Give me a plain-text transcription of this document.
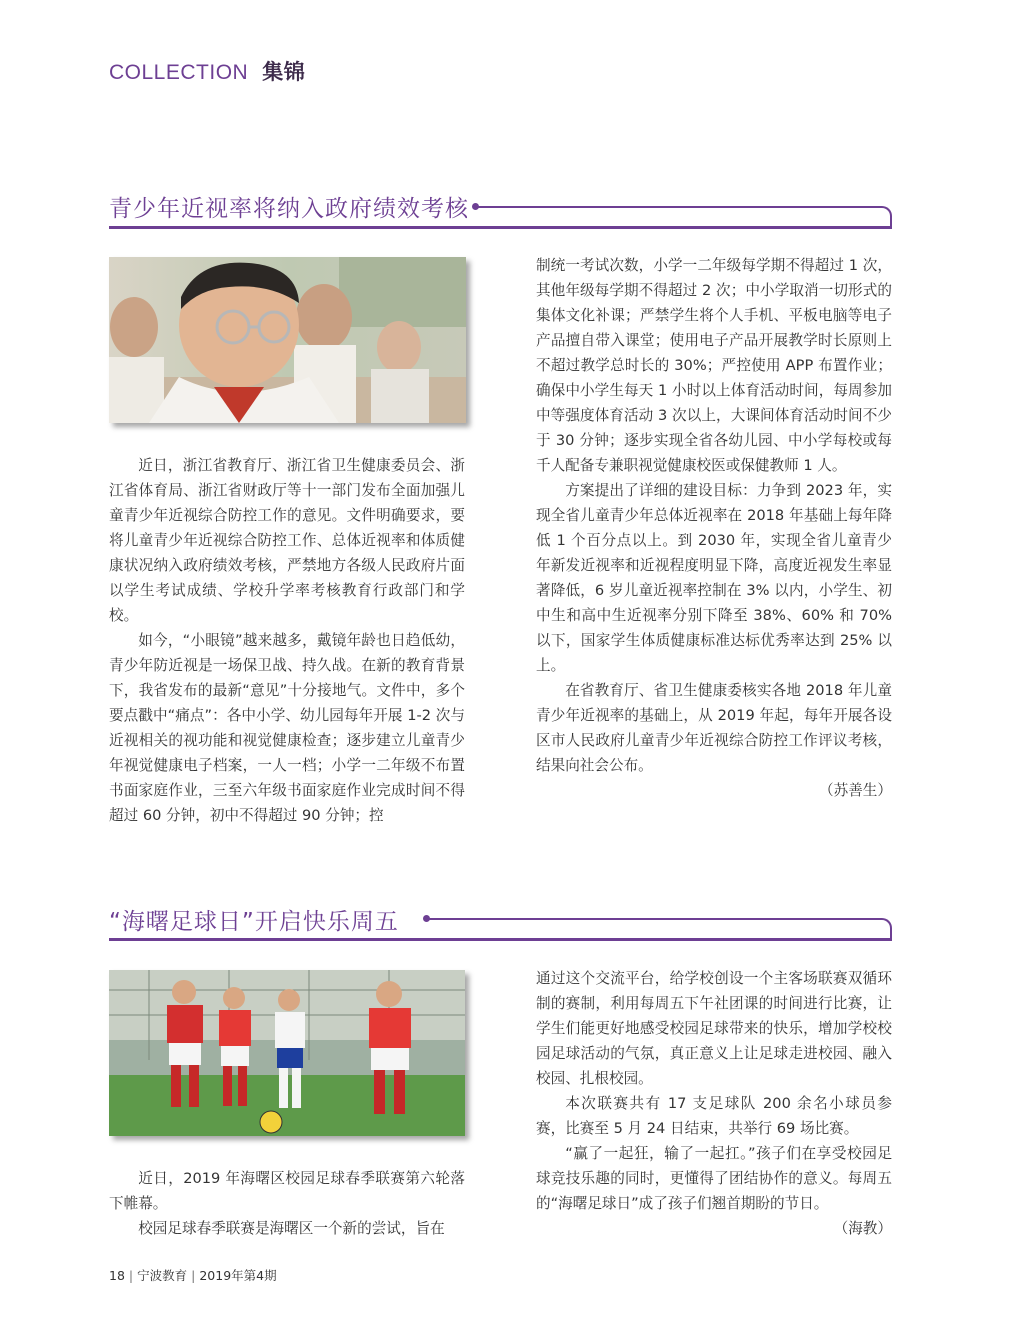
COLLECTION 集锦
青少年近视率将纳入政府绩效考核

近日，浙江省教育厅、浙江省卫生健康委员会、浙江省体育局、浙江省财政厅等十一部门发布全面加强儿童青少年近视综合防控工作的意见。文件明确要求，要将儿童青少年近视综合防控工作、总体近视率和体质健康状况纳入政府绩效考核，严禁地方各级人民政府片面以学生考试成绩、学校升学率考核教育行政部门和学校。

如今，“小眼镜”越来越多，戴镜年龄也日趋低幼，青少年防近视是一场保卫战、持久战。在新的教育背景下，我省发布的最新“意见”十分接地气。文件中，多个要点戳中“痛点”：各中小学、幼儿园每年开展 1-2 次与近视相关的视功能和视觉健康检查；逐步建立儿童青少年视觉健康电子档案，一人一档；小学一二年级不布置书面家庭作业，三至六年级书面家庭作业完成时间不得超过 60 分钟，初中不得超过 90 分钟；控

制统一考试次数，小学一二年级每学期不得超过 1 次，其他年级每学期不得超过 2 次；中小学取消一切形式的集体文化补课；严禁学生将个人手机、平板电脑等电子产品擅自带入课堂；使用电子产品开展教学时长原则上不超过教学总时长的 30%；严控使用 APP 布置作业；确保中小学生每天 1 小时以上体育活动时间，每周参加中等强度体育活动 3 次以上，大课间体育活动时间不少于 30 分钟；逐步实现全省各幼儿园、中小学每校或每千人配备专兼职视觉健康校医或保健教师 1 人。

方案提出了详细的建设目标：力争到 2023 年，实现全省儿童青少年总体近视率在 2018 年基础上每年降低 1 个百分点以上。到 2030 年，实现全省儿童青少年新发近视率和近视程度明显下降，高度近视发生率显著降低，6 岁儿童近视率控制在 3% 以内，小学生、初中生和高中生近视率分别下降至 38%、60% 和 70% 以下，国家学生体质健康标准达标优秀率达到 25% 以上。

在省教育厅、省卫生健康委核实各地 2018 年儿童青少年近视率的基础上，从 2019 年起，每年开展各设区市人民政府儿童青少年近视综合防控工作评议考核，结果向社会公布。

（苏善生）

“海曙足球日”开启快乐周五

近日，2019 年海曙区校园足球春季联赛第六轮落下帷幕。

校园足球春季联赛是海曙区一个新的尝试，旨在

通过这个交流平台，给学校创设一个主客场联赛双循环制的赛制，利用每周五下午社团课的时间进行比赛，让学生们能更好地感受校园足球带来的快乐，增加学校校园足球活动的气氛，真正意义上让足球走进校园、融入校园、扎根校园。

本次联赛共有 17 支足球队 200 余名小球员参赛，比赛至 5 月 24 日结束，共举行 69 场比赛。

“赢了一起狂，输了一起扛。”孩子们在享受校园足球竞技乐趣的同时，更懂得了团结协作的意义。每周五的“海曙足球日”成了孩子们翘首期盼的节日。

（海教）

18 | 宁波教育 | 2019年第4期
